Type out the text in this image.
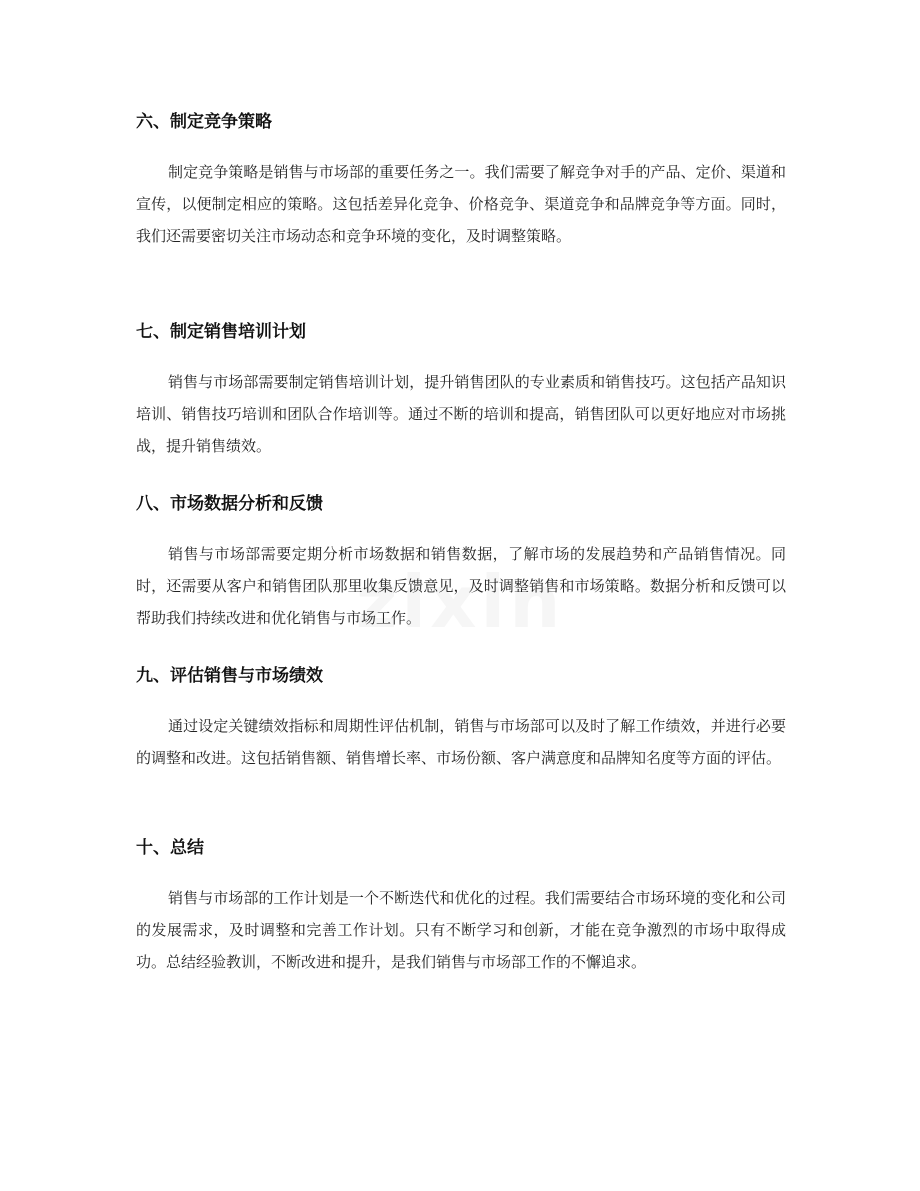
六、制定竞争策略

制定竞争策略是销售与市场部的重要任务之一。我们需要了解竞争对手的产品、定价、渠道和宣传，以便制定相应的策略。这包括差异化竞争、价格竞争、渠道竞争和品牌竞争等方面。同时，我们还需要密切关注市场动态和竞争环境的变化，及时调整策略。

七、制定销售培训计划

销售与市场部需要制定销售培训计划，提升销售团队的专业素质和销售技巧。这包括产品知识培训、销售技巧培训和团队合作培训等。通过不断的培训和提高，销售团队可以更好地应对市场挑战，提升销售绩效。

八、市场数据分析和反馈

销售与市场部需要定期分析市场数据和销售数据，了解市场的发展趋势和产品销售情况。同时，还需要从客户和销售团队那里收集反馈意见，及时调整销售和市场策略。数据分析和反馈可以帮助我们持续改进和优化销售与市场工作。

九、评估销售与市场绩效

通过设定关键绩效指标和周期性评估机制，销售与市场部可以及时了解工作绩效，并进行必要的调整和改进。这包括销售额、销售增长率、市场份额、客户满意度和品牌知名度等方面的评估。

十、总结

销售与市场部的工作计划是一个不断迭代和优化的过程。我们需要结合市场环境的变化和公司的发展需求，及时调整和完善工作计划。只有不断学习和创新，才能在竞争激烈的市场中取得成功。总结经验教训，不断改进和提升，是我们销售与市场部工作的不懈追求。
